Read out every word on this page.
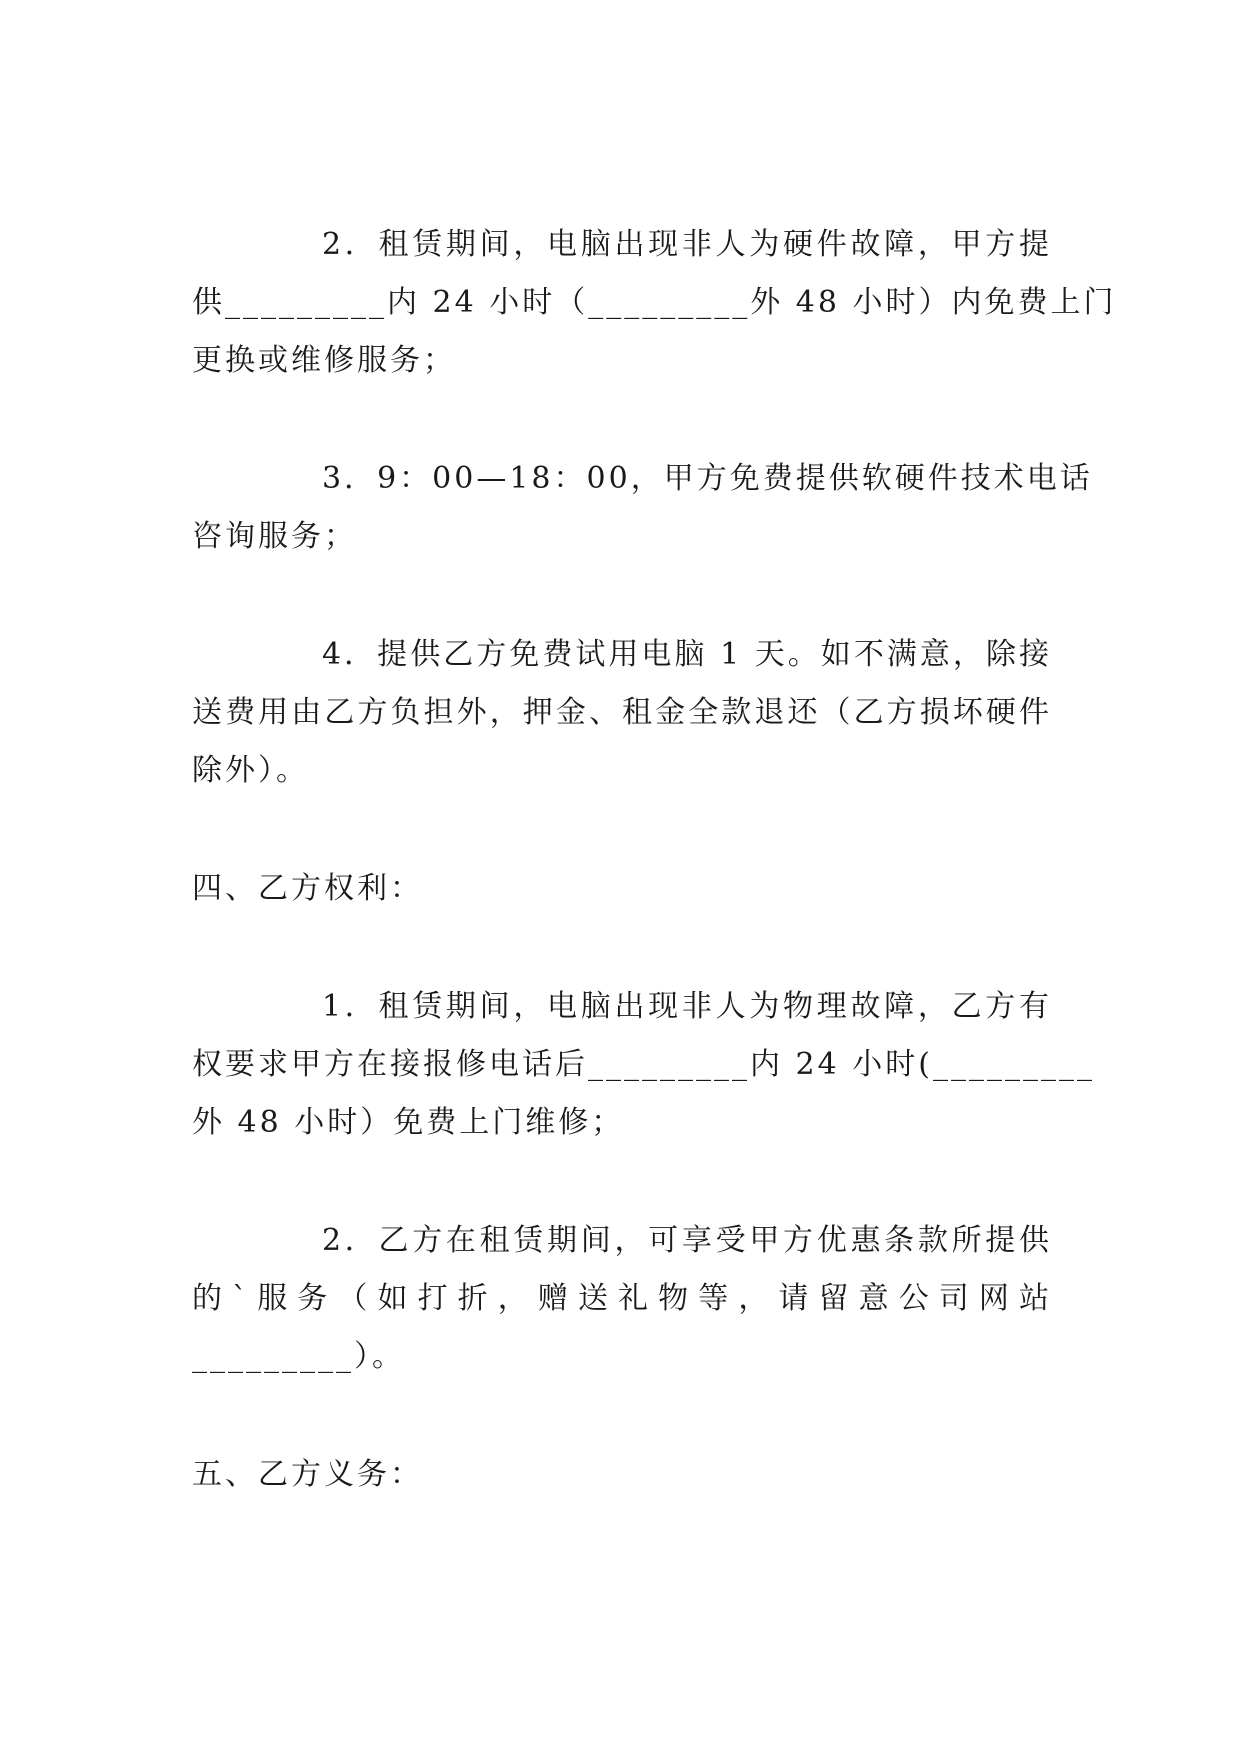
2．租赁期间，电脑出现非人为硬件故障，甲方提
供_________内 24 小时（_________外 48 小时）内免费上门
更换或维修服务；
3．9：00—18：00，甲方免费提供软硬件技术电话
咨询服务；
4．提供乙方免费试用电脑 1 天。如不满意，除接
送费用由乙方负担外，押金、租金全款退还（乙方损坏硬件
除外）。
四、乙方权利：
1．租赁期间，电脑出现非人为物理故障，乙方有
权要求甲方在接报修电话后_________内 24 小时(_________
外 48 小时）免费上门维修；
2．乙方在租赁期间，可享受甲方优惠条款所提供
的`服务（如打折，赠送礼物等，请留意公司网站
_________）。
五、乙方义务：
